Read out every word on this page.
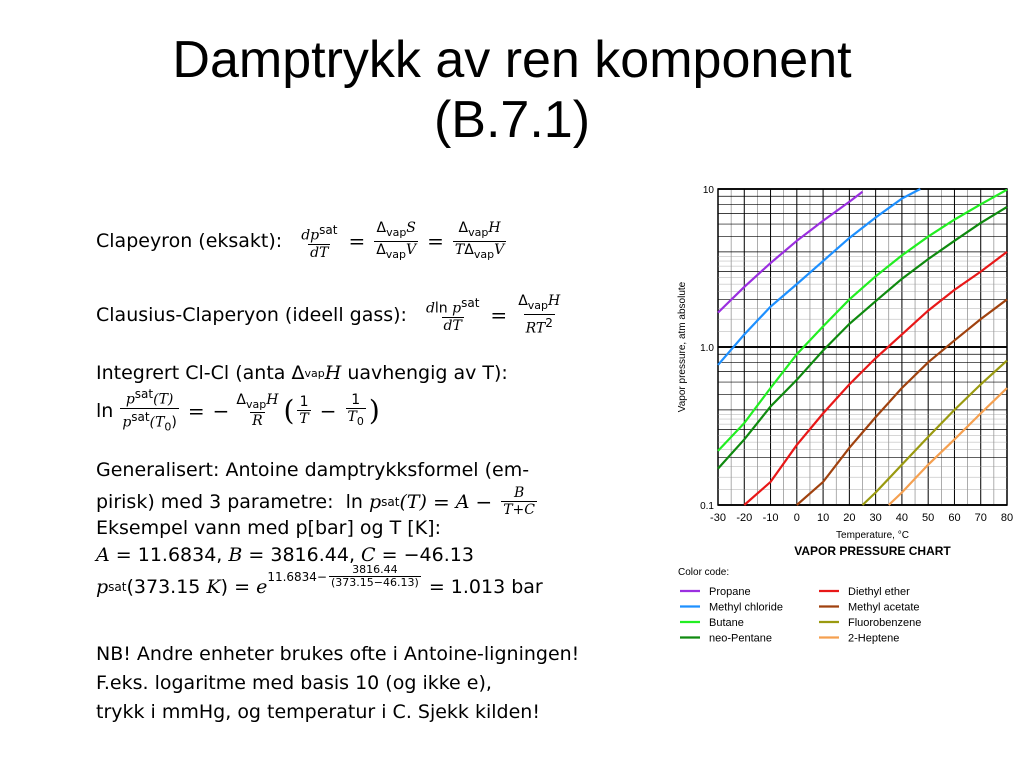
Damptrykk av ren komponent
(B.7.1)
Clapeyron (eksakt): $\frac{\text{dpsat}}{dT} = \frac{\Delta_{vap}S}{\Delta_{vap}V} = \frac{\Delta_{vap}H}{T\Delta_{vap}V}$
Clausius-Claperyon (ideell gass): $\frac{\text{dln psat}}{dT} = \frac{\Delta_{vap}H}{RT2}$
Integrert Cl-Cl (anta
Δ vap H
uavhengig av T):
$\ln \frac{\text{psat(T)}}{psat(T_0)}$ = − $\frac{\Delta_{vap}H}{R}$ ( $\frac{1}{T} - \frac{1}{T_0}$ )
Generalisert: Antoine damptrykksformel (em-
pirisk) med 3 parametre:
ln
p sat $(T) = A - \frac{B}{T+C}$
Eksempel vann med p[bar] og T [K]:
A
= 11.6834,
B
= 3816.44,
C
= −46.13
p sat (373.15
K ) =
e $11.6834- \frac{3816.44}{(373.15-46.13)}$
= 1.013 bar
NB! Andre enheter brukes ofte i Antoine-ligningen!
F.eks. logaritme med basis 10 (og ikke e),
trykk i mmHg, og temperatur i C. Sjekk kilden!
-30 -20 -10 0 10 20 30 40 50 60 70 80
10
1.0
0.1
Vapor pressure, atm absolute
Temperature, °C
VAPOR PRESSURE CHART
Color code:
Propane
Methyl chloride
Butane
neo-Pentane
Diethyl ether
Methyl acetate
Fluorobenzene
2-Heptene
